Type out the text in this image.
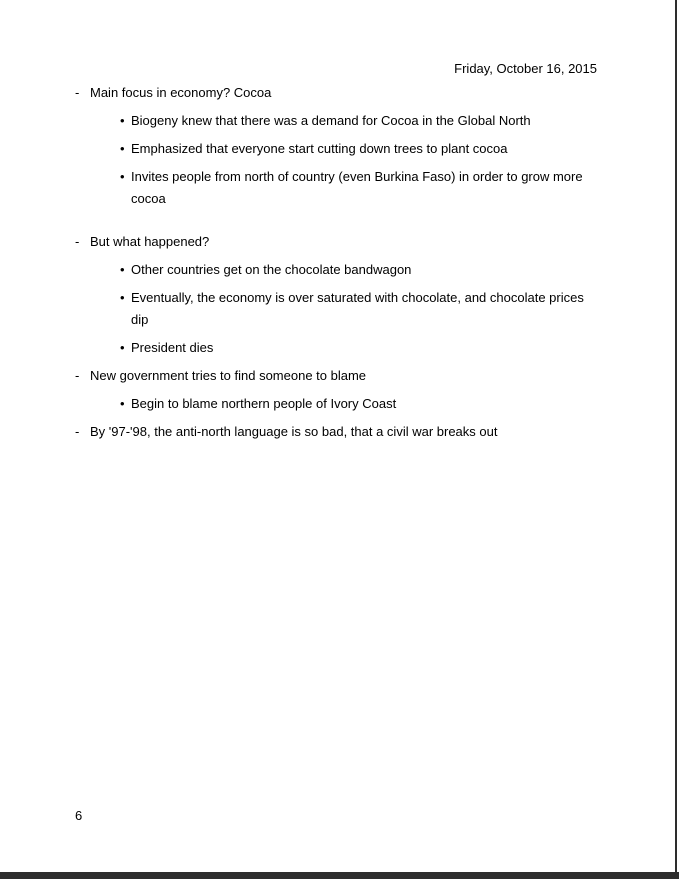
Friday, October 16, 2015
- Main focus in economy? Cocoa
• Biogeny knew that there was a demand for Cocoa in the Global North
• Emphasized that everyone start cutting down trees to plant cocoa
• Invites people from north of country (even Burkina Faso) in order to grow more cocoa
- But what happened?
• Other countries get on the chocolate bandwagon
• Eventually, the economy is over saturated with chocolate, and chocolate prices dip
• President dies
- New government tries to find someone to blame
• Begin to blame northern people of Ivory Coast
- By '97-'98, the anti-north language is so bad, that a civil war breaks out
6
